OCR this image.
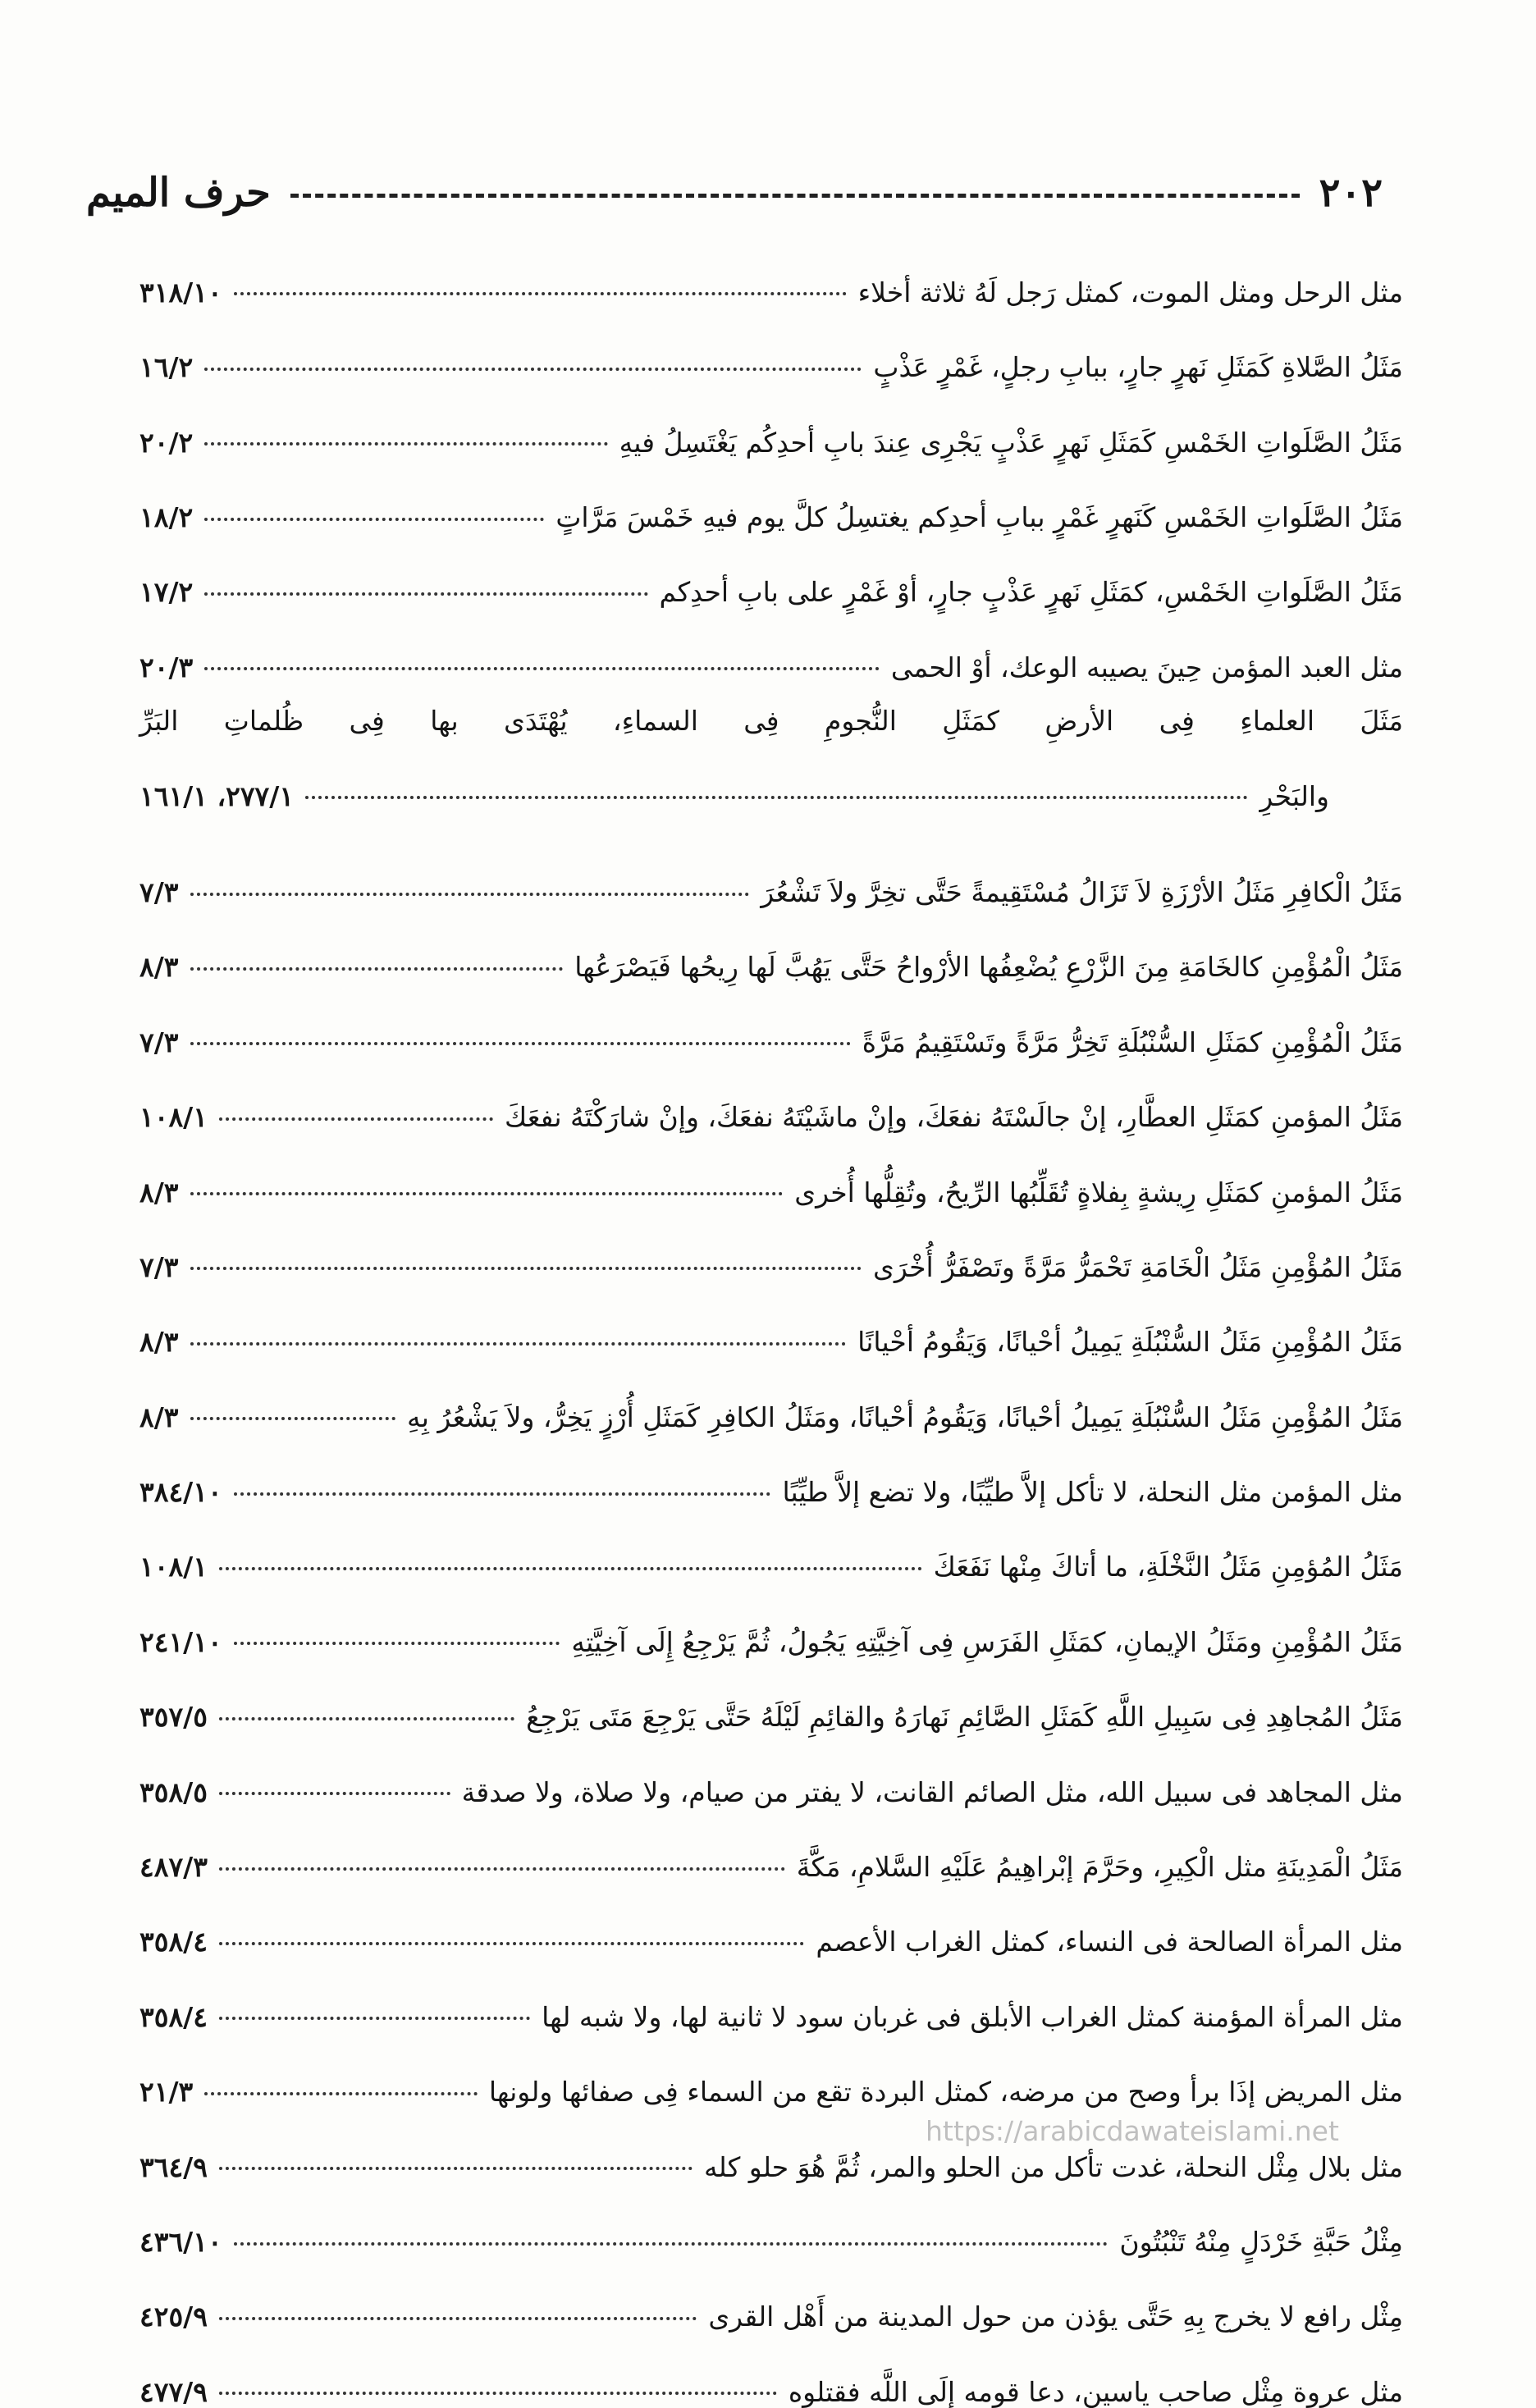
٢٠٢
حرف الميم
مثل الرحل ومثل الموت، كمثل رَجل لَهُ ثلاثة أخلاء
٣١٨/١٠
مَثَلُ الصَّلاةِ كَمَثَلِ نَهرٍ جارٍ، ببابِ رجلٍ، غَمْرٍ عَذْبٍ
١٦/٢
مَثَلُ الصَّلَواتِ الخَمْسِ كَمَثَلِ نَهرٍ عَذْبٍ يَجْرِى عِندَ بابِ أحدِكُم يَغْتَسِلُ فيهِ
٢٠/٢
مَثَلُ الصَّلَواتِ الخَمْسِ كَنَهرٍ غَمْرٍ ببابِ أحدِكم يغتسِلُ كلَّ يوم فيهِ خَمْسَ مَرَّاتٍ
١٨/٢
مَثَلُ الصَّلَواتِ الخَمْسِ، كمَثَلِ نَهرٍ عَذْبٍ جارٍ، أوْ غَمْرٍ على بابِ أحدِكم
١٧/٢
مثل العبد المؤمن حِينَ يصيبه الوعك، أوْ الحمى
٢٠/٣
مَثَلَ العلماءِ فِى الأرضِ كمَثَلِ النُّجومِ فِى السماءِ، يُهْتَدَى بها فِى ظُلماتِ البَرِّ
والبَحْرِ
٢٧٧/١، ١٦١/١
مَثَلُ الْكافِرِ مَثَلُ الأرْزَةِ لاَ تَزَالُ مُسْتَقِيمةً حَتَّى تخِرَّ ولاَ تَشْعُرَ
٧/٣
مَثَلُ الْمُؤْمِنِ كالخَامَةِ مِنَ الزَّرْعِ يُضْعِفُها الأرْواحُ حَتَّى يَهُبَّ لَها رِيحُها فَيَصْرَعُها
٨/٣
مَثَلُ الْمُؤْمِنِ كمَثَلِ السُّنْبُلَةِ تَخِرُّ مَرَّةً وتَسْتَقِيمُ مَرَّةً
٧/٣
مَثَلُ المؤمنِ كمَثَلِ العطَّارِ، إنْ جالَسْتَهُ نفعَكَ، وإنْ ماشَيْتَهُ نفعَكَ، وإنْ شارَكْتَهُ نفعَكَ
١٠٨/١
مَثَلُ المؤمنِ كمَثَلِ رِيشةٍ بِفلاةٍ تُقَلِّبُها الرِّيحُ، وتُقِلُّها أُخرى
٨/٣
مَثَلُ المُؤْمِنِ مَثَلُ الْخَامَةِ تَحْمَرُّ مَرَّةً وتَصْفَرُّ أُخْرَى
٧/٣
مَثَلُ المُؤْمِنِ مَثَلُ السُّنْبُلَةِ يَمِيلُ أحْيانًا، وَيَقُومُ أحْيانًا
٨/٣
مَثَلُ المُؤْمِنِ مَثَلُ السُّنْبُلَةِ يَمِيلُ أحْيانًا، وَيَقُومُ أحْيانًا، ومَثَلُ الكافِرِ كَمَثَلِ أُرْزٍ يَخِرُّ، ولاَ يَشْعُرُ بِهِ
٨/٣
مثل المؤمن مثل النحلة، لا تأكل إلاَّ طيِّبًا، ولا تضع إلاَّ طيِّبًا
٣٨٤/١٠
مَثَلُ المُؤمِنِ مَثَلُ النَّخْلَةِ، ما أتاكَ مِنْها نَفَعَكَ
١٠٨/١
مَثَلُ المُؤْمِنِ ومَثَلُ الإيمانِ، كمَثَلِ الفَرَسِ فِى آخِيَّتِهِ يَجُولُ، ثُمَّ يَرْجِعُ إِلَى آخِيَّتِهِ
٢٤١/١٠
مَثَلُ المُجاهِدِ فِى سَبِيلِ اللَّهِ كَمَثَلِ الصَّائِمِ نَهارَهُ والقائِمِ لَيْلَهُ حَتَّى يَرْجِعَ مَتَى يَرْجِعُ
٣٥٧/٥
مثل المجاهد فى سبيل الله، مثل الصائم القانت، لا يفتر من صيام، ولا صلاة، ولا صدقة
٣٥٨/٥
مَثَلُ الْمَدِينَةِ مثل الْكِيرِ، وحَرَّمَ إبْراهِيمُ عَلَيْهِ السَّلامِ، مَكَّةَ
٤٨٧/٣
مثل المرأة الصالحة فى النساء، كمثل الغراب الأعصم
٣٥٨/٤
مثل المرأة المؤمنة كمثل الغراب الأبلق فى غربان سود لا ثانية لها، ولا شبه لها
٣٥٨/٤
مثل المريض إذَا برأ وصح من مرضه، كمثل البردة تقع من السماء فِى صفائها ولونها
٢١/٣
مثل بلال مِثْل النحلة، غدت تأكل من الحلو والمر، ثُمَّ هُوَ حلو كله
٣٦٤/٩
مِثْلُ حَبَّةِ خَرْدَلٍ مِنْهُ تَنْبُتُونَ
٤٣٦/١٠
مِثْل رافع لا يخرج بِهِ حَتَّى يؤذن من حول المدينة من أَهْل القرى
٤٢٥/٩
مثل عروة مِثْل صاحب ياسين، دعا قومه إِلَى اللَّه فقتلوه
٤٧٧/٩
https://arabicdawateislami.net
